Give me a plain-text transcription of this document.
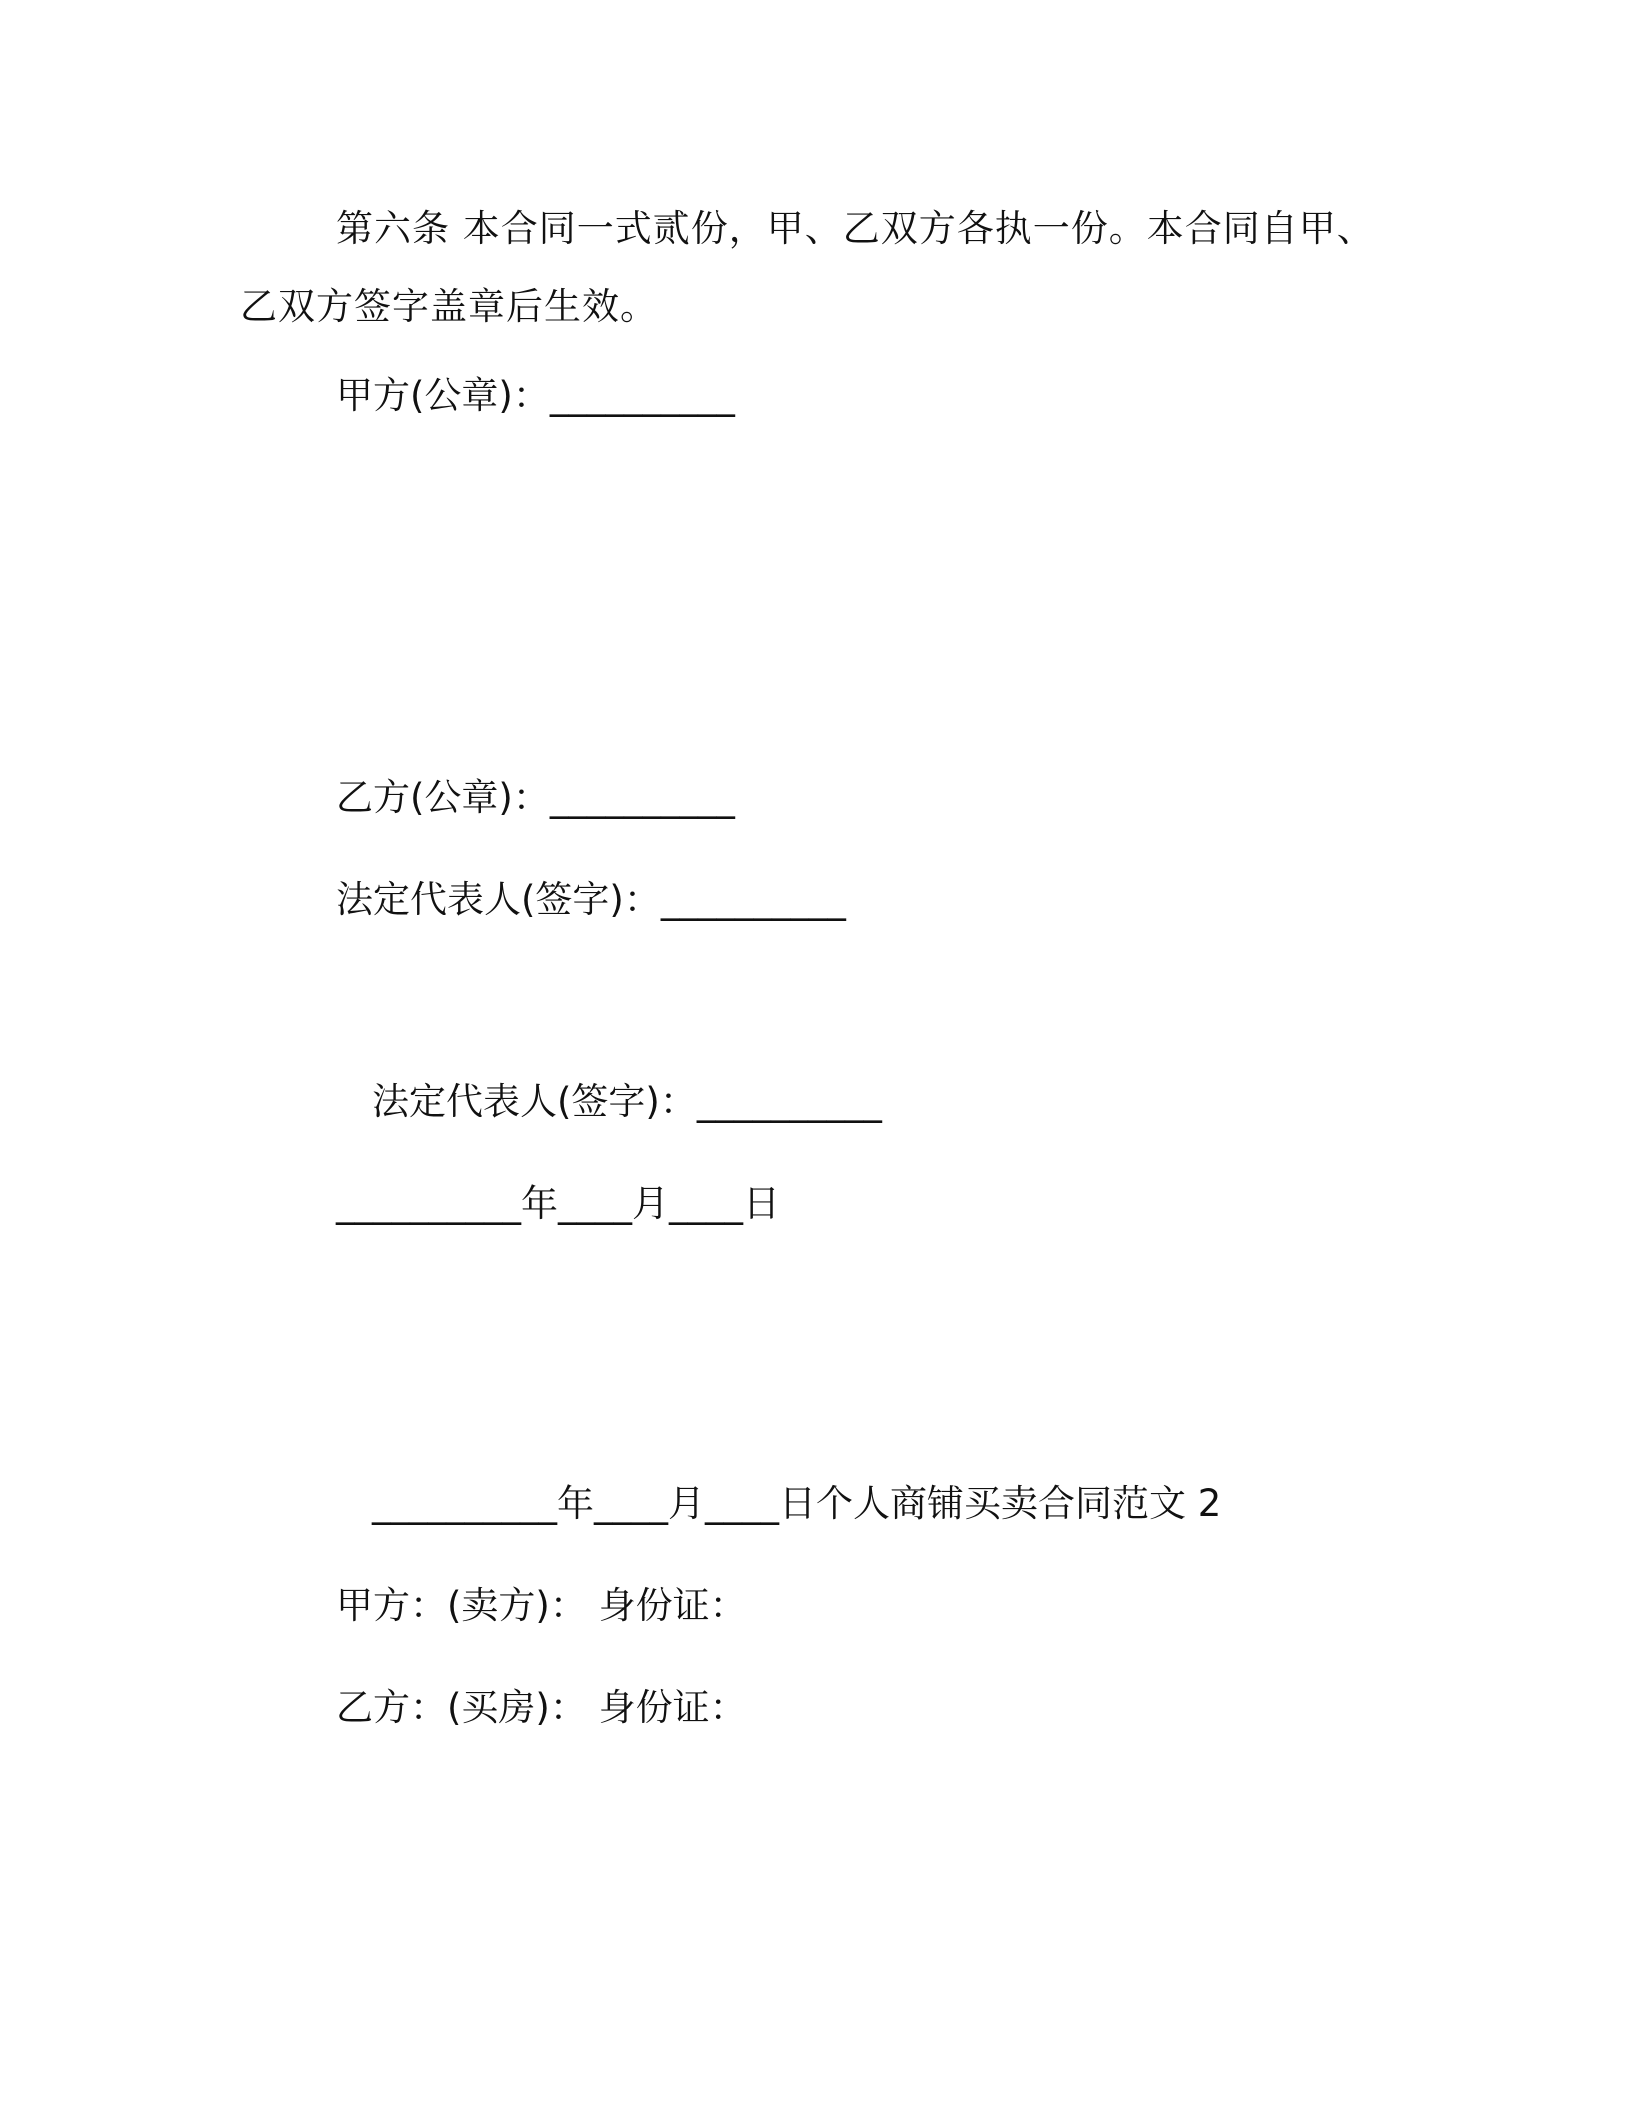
第六条 本合同一式贰份，甲、乙双方各执一份。本合同自甲、乙双方签字盖章后生效。
甲方(公章)：__________
乙方(公章)：__________
法定代表人(签字)：__________
法定代表人(签字)：__________
__________年____月____日
__________年____月____日个人商铺买卖合同范文 2
甲方：(卖方)： 身份证：
乙方：(买房)： 身份证：
